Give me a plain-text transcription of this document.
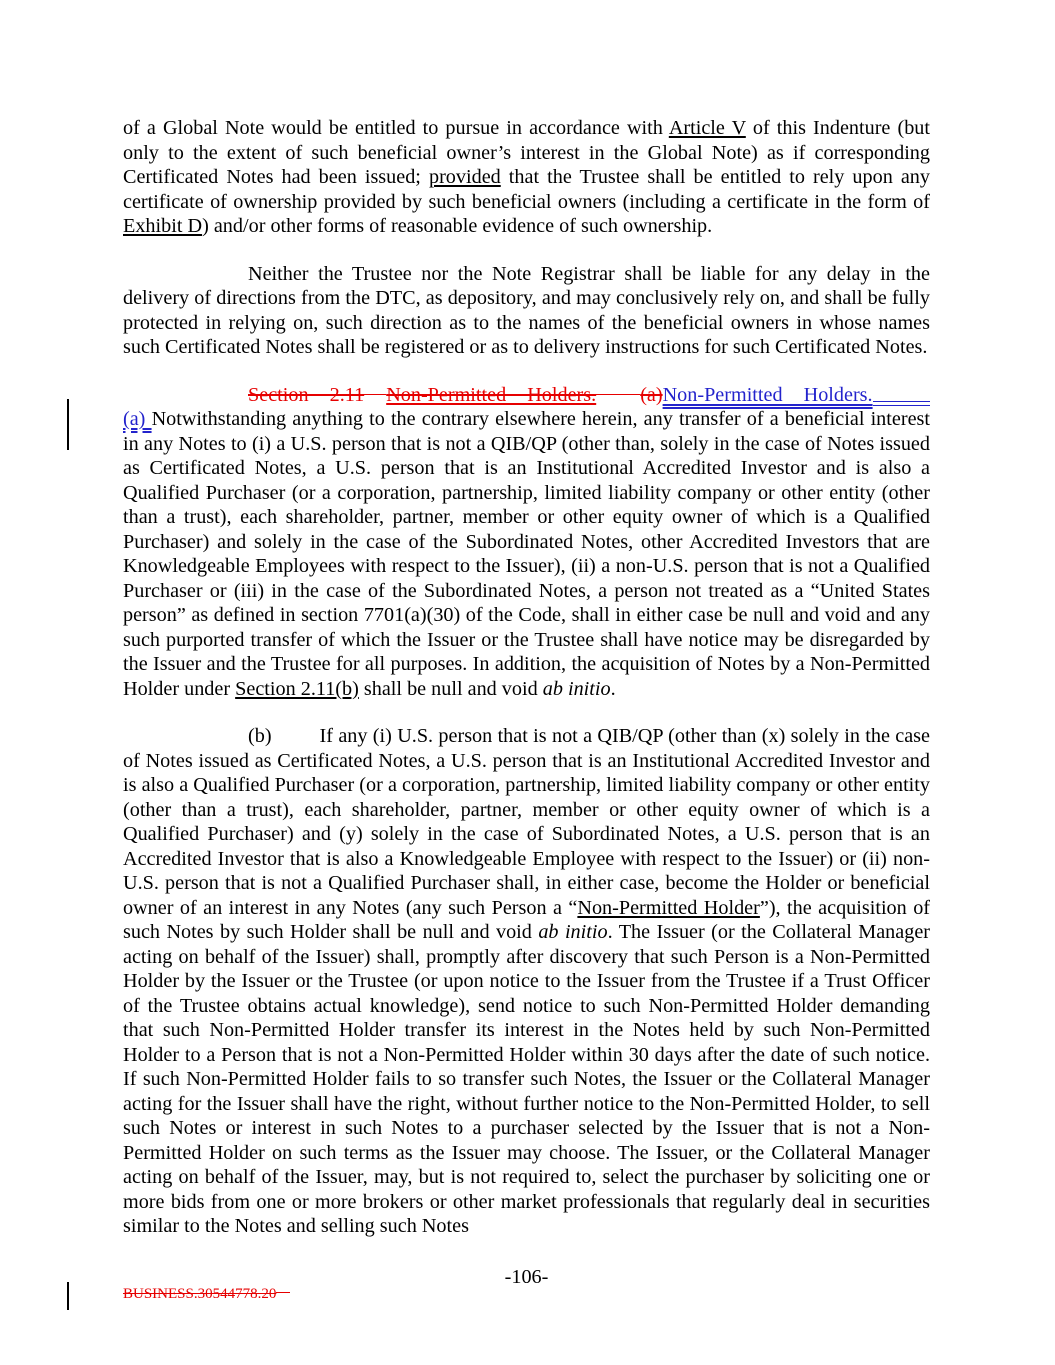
of a Global Note would be entitled to pursue in accordance with Article V of this Indenture (but only to the extent of such beneficial owner’s interest in the Global Note) as if corresponding Certificated Notes had been issued; provided that the Trustee shall be entitled to rely upon any certificate of ownership provided by such beneficial owners (including a certificate in the form of Exhibit D) and/or other forms of reasonable evidence of such ownership.

Neither the Trustee nor the Note Registrar shall be liable for any delay in the delivery of directions from the DTC, as depository, and may conclusively rely on, and shall be fully protected in relying on, such direction as to the names of the beneficial owners in whose names such Certificated Notes shall be registered or as to delivery instructions for such Certificated Notes.

Section 2.11 Non-Permitted Holders. (a) Non-Permitted Holders.

(a) Notwithstanding anything to the contrary elsewhere herein, any transfer of a beneficial interest in any Notes to (i) a U.S. person that is not a QIB/QP (other than, solely in the case of Notes issued as Certificated Notes, a U.S. person that is an Institutional Accredited Investor and is also a Qualified Purchaser (or a corporation, partnership, limited liability company or other entity (other than a trust), each shareholder, partner, member or other equity owner of which is a Qualified Purchaser) and solely in the case of the Subordinated Notes, other Accredited Investors that are Knowledgeable Employees with respect to the Issuer), (ii) a non-U.S. person that is not a Qualified Purchaser or (iii) in the case of the Subordinated Notes, a person not treated as a “United States person” as defined in section 7701(a)(30) of the Code, shall in either case be null and void and any such purported transfer of which the Issuer or the Trustee shall have notice may be disregarded by the Issuer and the Trustee for all purposes. In addition, the acquisition of Notes by a Non-Permitted Holder under Section 2.11(b) shall be null and void ab initio.

(b) If any (i) U.S. person that is not a QIB/QP (other than (x) solely in the case of Notes issued as Certificated Notes, a U.S. person that is an Institutional Accredited Investor and is also a Qualified Purchaser (or a corporation, partnership, limited liability company or other entity (other than a trust), each shareholder, partner, member or other equity owner of which is a Qualified Purchaser) and (y) solely in the case of Subordinated Notes, a U.S. person that is an Accredited Investor that is also a Knowledgeable Employee with respect to the Issuer) or (ii) non-U.S. person that is not a Qualified Purchaser shall, in either case, become the Holder or beneficial owner of an interest in any Notes (any such Person a “Non-Permitted Holder”), the acquisition of such Notes by such Holder shall be null and void ab initio. The Issuer (or the Collateral Manager acting on behalf of the Issuer) shall, promptly after discovery that such Person is a Non-Permitted Holder by the Issuer or the Trustee (or upon notice to the Issuer from the Trustee if a Trust Officer of the Trustee obtains actual knowledge), send notice to such Non-Permitted Holder demanding that such Non-Permitted Holder transfer its interest in the Notes held by such Non-Permitted Holder to a Person that is not a Non-Permitted Holder within 30 days after the date of such notice. If such Non-Permitted Holder fails to so transfer such Notes, the Issuer or the Collateral Manager acting for the Issuer shall have the right, without further notice to the Non-Permitted Holder, to sell such Notes or interest in such Notes to a purchaser selected by the Issuer that is not a Non-Permitted Holder on such terms as the Issuer may choose. The Issuer, or the Collateral Manager acting on behalf of the Issuer, may, but is not required to, select the purchaser by soliciting one or more bids from one or more brokers or other market professionals that regularly deal in securities similar to the Notes and selling such Notes

-106-

BUSINESS.30544778.20
